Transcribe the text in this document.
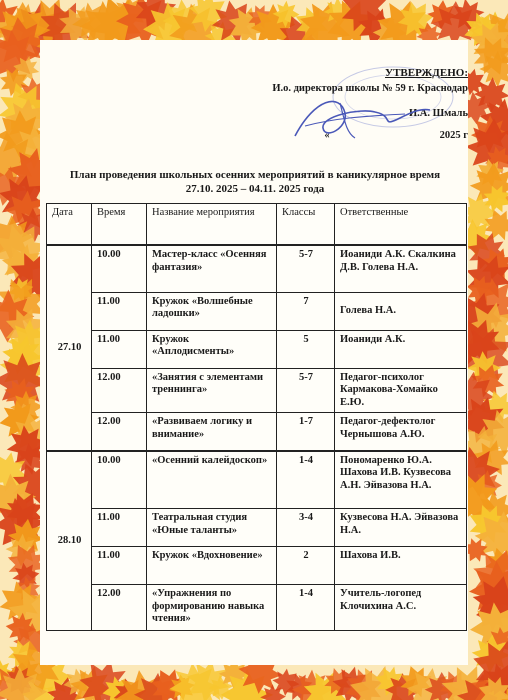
УТВЕРЖДЕНО:
И.о. директора школы № 59 г. Краснодар
И.А. Шмаль
«	2025 г
План проведения школьных осенних мероприятий в каникулярное время 27.10. 2025 – 04.11. 2025 года
Дата	Время	Название мероприятия	Классы	Ответственные
27.10	10.00	Мастер-класс «Осенняя фантазия»	5-7	Иоаниди А.К. Скалкина Д.В. Голева Н.А.
	11.00	Кружок «Волшебные ладошки»	7	Голева Н.А.
	11.00	Кружок «Аплодисменты»	5	Иоаниди А.К.
	12.00	«Занятия с элементами треннинга»	5-7	Педагог-психолог Кармакова-Хомайко Е.Ю.
	12.00	«Развиваем логику и внимание»	1-7	Педагог-дефектолог Чернышова А.Ю.
28.10	10.00	«Осенний калейдоскоп»	1-4	Пономаренко Ю.А. Шахова И.В. Кузвесова А.Н. Эйвазова Н.А.
	11.00	Театральная студия «Юные таланты»	3-4	Кузвесова Н.А. Эйвазова Н.А.
	11.00	Кружок «Вдохновение»	2	Шахова И.В.
	12.00	«Упражнения по формированию навыка чтения»	1-4	Учитель-логопед Клочихина А.С.
